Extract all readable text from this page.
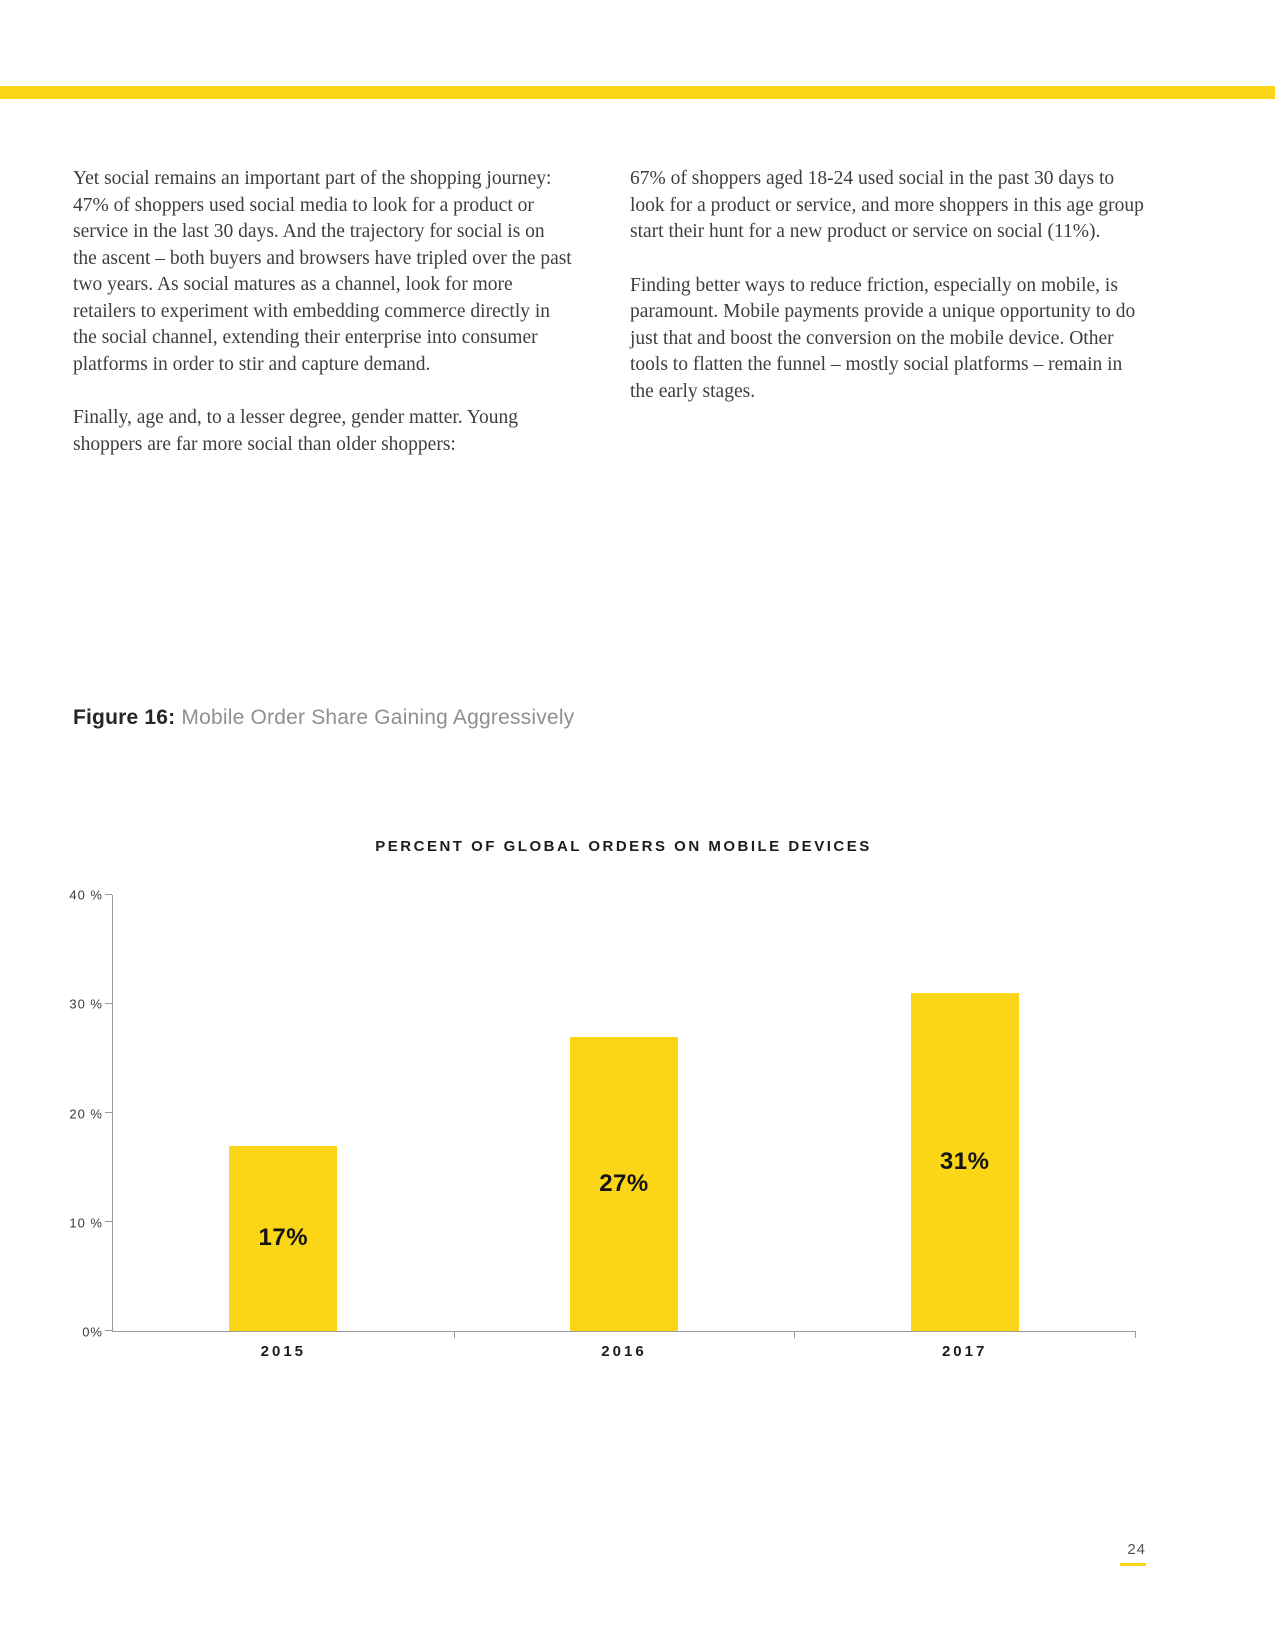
Yet social remains an important part of the shopping journey: 47% of shoppers used social media to look for a product or service in the last 30 days. And the trajectory for social is on the ascent – both buyers and browsers have tripled over the past two years. As social matures as a channel, look for more retailers to experiment with embedding commerce directly in the social channel, extending their enterprise into consumer platforms in order to stir and capture demand.

Finally, age and, to a lesser degree, gender matter. Young shoppers are far more social than older shoppers:

67% of shoppers aged 18-24 used social in the past 30 days to look for a product or service, and more shoppers in this age group start their hunt for a new product or service on social (11%).

Finding better ways to reduce friction, especially on mobile, is paramount. Mobile payments provide a unique opportunity to do just that and boost the conversion on the mobile device. Other tools to flatten the funnel – mostly social platforms – remain in the early stages.

Figure 16: Mobile Order Share Gaining Aggressively
PERCENT OF GLOBAL ORDERS ON MOBILE DEVICES
0%
10 %
20 %
30 %
40 %
17%
2015
27%
2016
31%
2017
24
